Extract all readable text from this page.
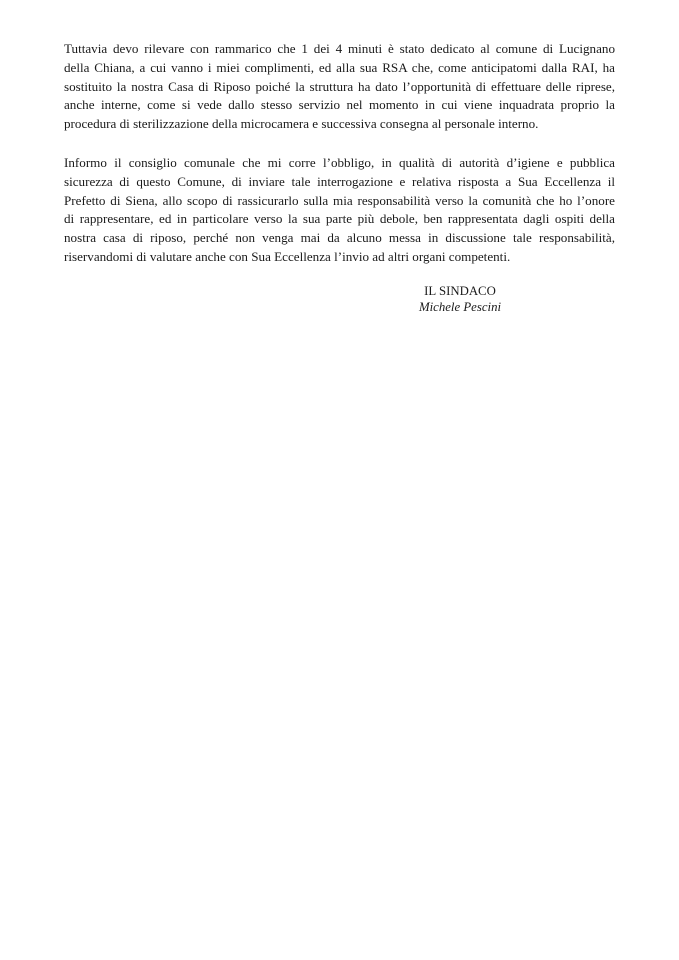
Tuttavia devo rilevare con rammarico che 1 dei 4 minuti è stato dedicato al comune di Lucignano
della Chiana, a cui vanno i miei complimenti, ed alla sua RSA che, come anticipatomi dalla RAI, ha
sostituito la nostra Casa di Riposo poiché la struttura ha dato l’opportunità di effettuare delle riprese,
anche interne, come si vede dallo stesso servizio nel momento in cui viene inquadrata proprio la
procedura di sterilizzazione della microcamera e successiva consegna al personale interno.

Informo il consiglio comunale che mi corre l’obbligo, in qualità di autorità d’igiene e pubblica
sicurezza di questo Comune, di inviare tale interrogazione e relativa risposta a Sua Eccellenza il
Prefetto di Siena, allo scopo di rassicurarlo sulla mia responsabilità verso la comunità che ho l’onore
di rappresentare, ed in particolare verso la sua parte più debole, ben rappresentata dagli ospiti della
nostra casa di riposo, perché non venga mai da alcuno messa in discussione tale responsabilità,
riservandomi di valutare anche con Sua Eccellenza l’invio ad altri organi competenti.

IL SINDACO
Michele Pescini
